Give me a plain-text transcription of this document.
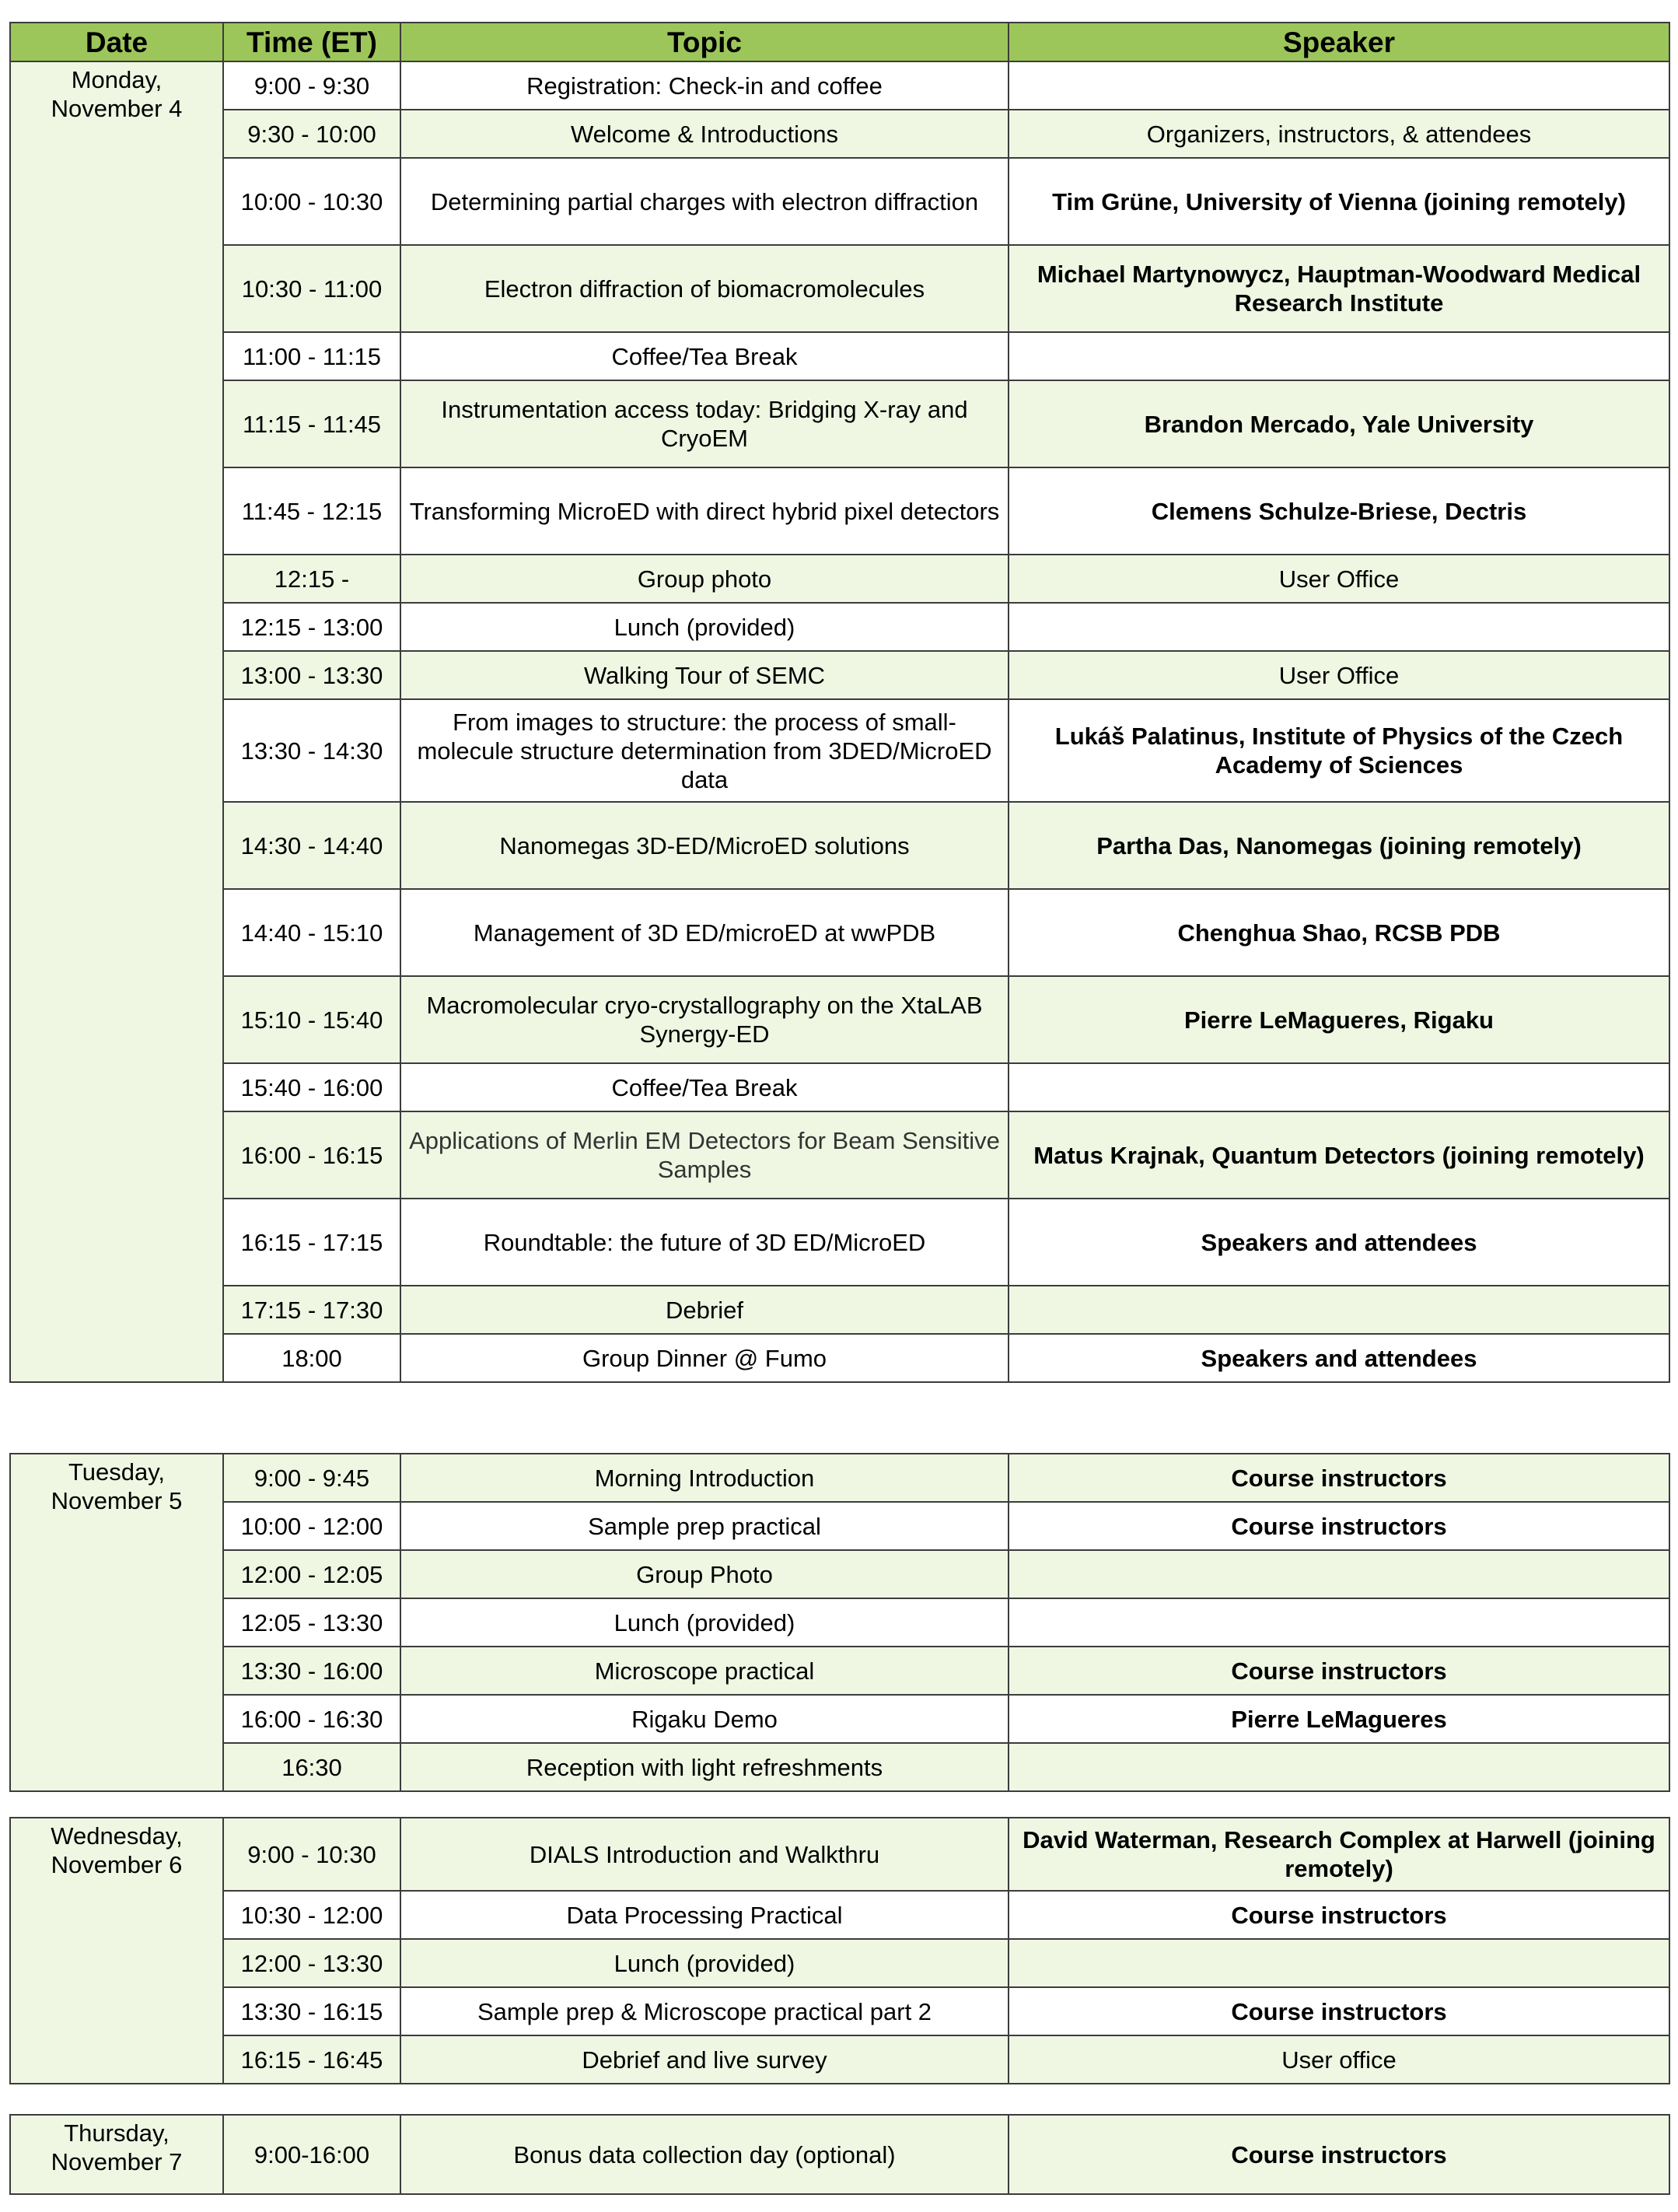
Date	Time (ET)	Topic	Speaker

Monday,
November 4	9:00 - 9:30	Registration: Check-in and coffee	
	9:30 - 10:00	Welcome & Introductions	Organizers, instructors, & attendees
	10:00 - 10:30	Determining partial charges with electron diffraction	Tim Grüne, University of Vienna (joining remotely)
	10:30 - 11:00	Electron diffraction of biomacromolecules	Michael Martynowycz, Hauptman-Woodward Medical Research Institute
	11:00 - 11:15	Coffee/Tea Break	
	11:15 - 11:45	Instrumentation access today: Bridging X-ray and CryoEM	Brandon Mercado, Yale University
	11:45 - 12:15	Transforming MicroED with direct hybrid pixel detectors	Clemens Schulze-Briese, Dectris
	12:15 -	Group photo	User Office
	12:15 - 13:00	Lunch (provided)	
	13:00 - 13:30	Walking Tour of SEMC	User Office
	13:30 - 14:30	From images to structure: the process of small-molecule structure determination from 3DED/MicroED data	Lukáš Palatinus, Institute of Physics of the Czech Academy of Sciences
	14:30 - 14:40	Nanomegas 3D-ED/MicroED solutions	Partha Das, Nanomegas (joining remotely)
	14:40 - 15:10	Management of 3D ED/microED at wwPDB	Chenghua Shao, RCSB PDB
	15:10 - 15:40	Macromolecular cryo-crystallography on the XtaLAB Synergy-ED	Pierre LeMagueres, Rigaku
	15:40 - 16:00	Coffee/Tea Break	
	16:00 - 16:15	Applications of Merlin EM Detectors for Beam Sensitive Samples	Matus Krajnak, Quantum Detectors (joining remotely)
	16:15 - 17:15	Roundtable: the future of 3D ED/MicroED	Speakers and attendees
	17:15 - 17:30	Debrief	
	18:00	Group Dinner @ Fumo	Speakers and attendees
Tuesday,
November 5	9:00 - 9:45	Morning Introduction	Course instructors
	10:00 - 12:00	Sample prep practical	Course instructors
	12:00 - 12:05	Group Photo	
	12:05 - 13:30	Lunch (provided)	
	13:30 - 16:00	Microscope practical	Course instructors
	16:00 - 16:30	Rigaku Demo	Pierre LeMagueres
	16:30	Reception with light refreshments	
Wednesday,
November 6	9:00 - 10:30	DIALS Introduction and Walkthru	David Waterman, Research Complex at Harwell (joining remotely)
	10:30 - 12:00	Data Processing Practical	Course instructors
	12:00 - 13:30	Lunch (provided)	
	13:30 - 16:15	Sample prep & Microscope practical part 2	Course instructors
	16:15 - 16:45	Debrief and live survey	User office
Thursday,
November 7	9:00-16:00	Bonus data collection day (optional)	Course instructors
